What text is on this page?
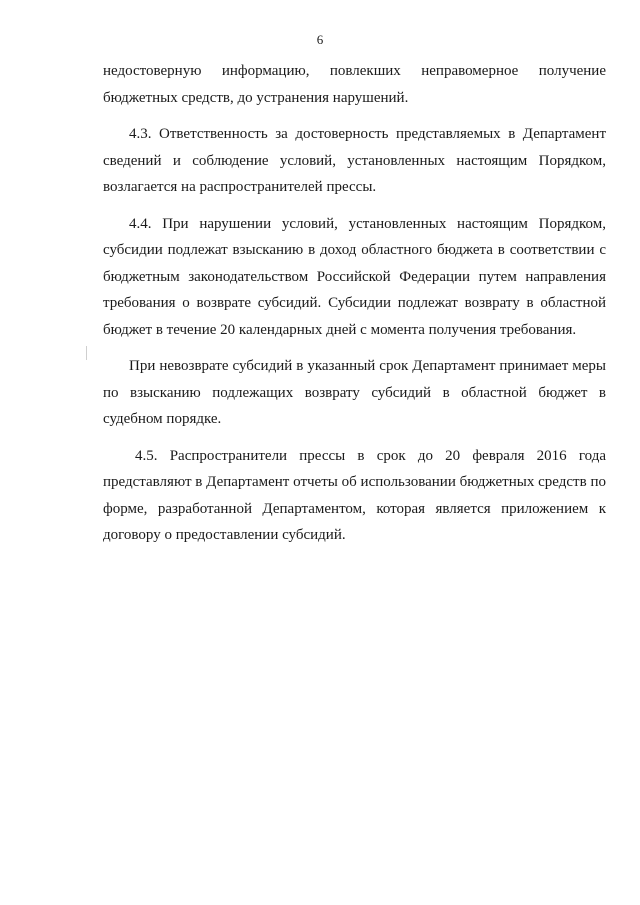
6

недостоверную информацию, повлекших неправомерное получение бюджетных средств, до устранения нарушений.

4.3. Ответственность за достоверность представляемых в Департамент сведений и соблюдение условий, установленных настоящим Порядком, возлагается на распространителей прессы.

4.4. При нарушении условий, установленных настоящим Порядком, субсидии подлежат взысканию в доход областного бюджета в соответствии с бюджетным законодательством Российской Федерации путем направления требования о возврате субсидий. Субсидии подлежат возврату в областной бюджет в течение 20 календарных дней с момента получения требования.

При невозврате субсидий в указанный срок Департамент принимает меры по взысканию подлежащих возврату субсидий в областной бюджет в судебном порядке.

4.5. Распространители прессы в срок до 20 февраля 2016 года представляют в Департамент отчеты об использовании бюджетных средств по форме, разработанной Департаментом, которая является приложением к договору о предоставлении субсидий.
